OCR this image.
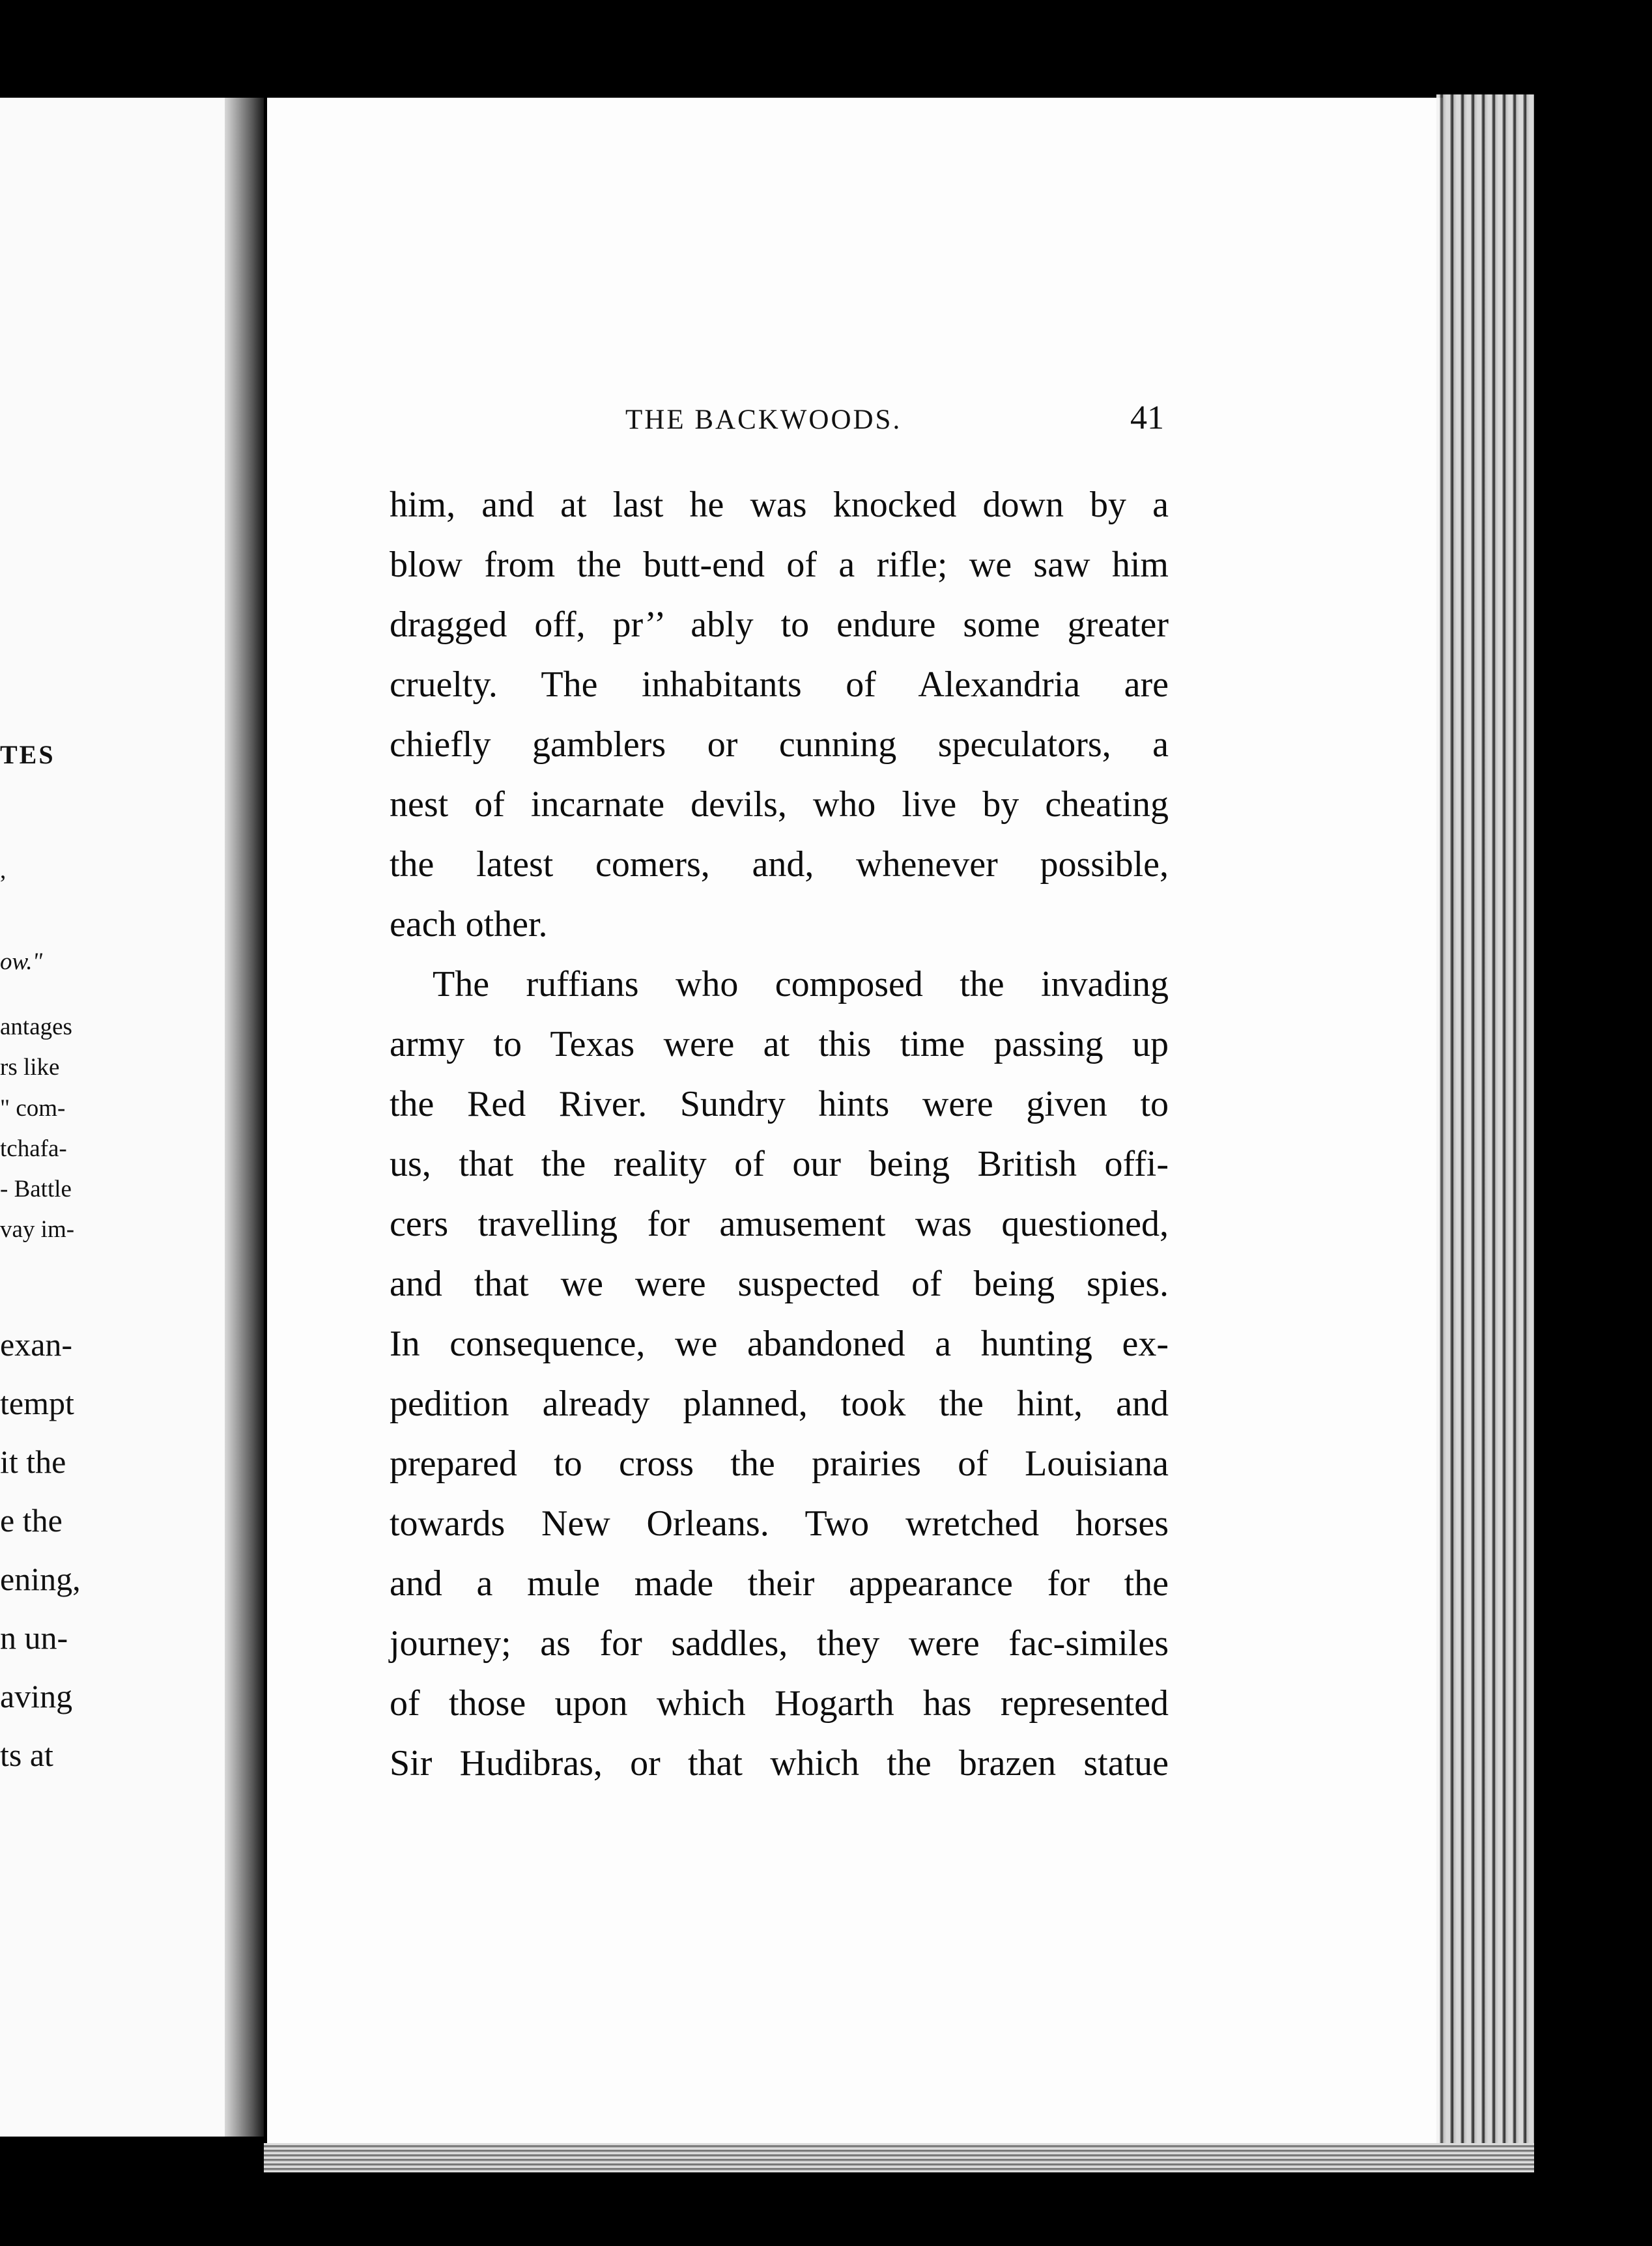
TES
,
ow."
antages
rs like
" com-
tchafa-
- Battle
vay im-
exan-
tempt
it the
e the
ening,
n un-
aving
ts at
THE BACKWOODS.	41
him, and at last he was knocked down by a
blow from the butt-end of a rifle; we saw him
dragged off, pr’’ ably to endure some greater
cruelty. The inhabitants of Alexandria are
chiefly gamblers or cunning speculators, a
nest of incarnate devils, who live by cheating
the latest comers, and, whenever possible,
each other.
The ruffians who composed the invading
army to Texas were at this time passing up
the Red River. Sundry hints were given to
us, that the reality of our being British offi-
cers travelling for amusement was questioned,
and that we were suspected of being spies.
In consequence, we abandoned a hunting ex-
pedition already planned, took the hint, and
prepared to cross the prairies of Louisiana
towards New Orleans. Two wretched horses
and a mule made their appearance for the
journey; as for saddles, they were fac-similes
of those upon which Hogarth has represented
Sir Hudibras, or that which the brazen statue
